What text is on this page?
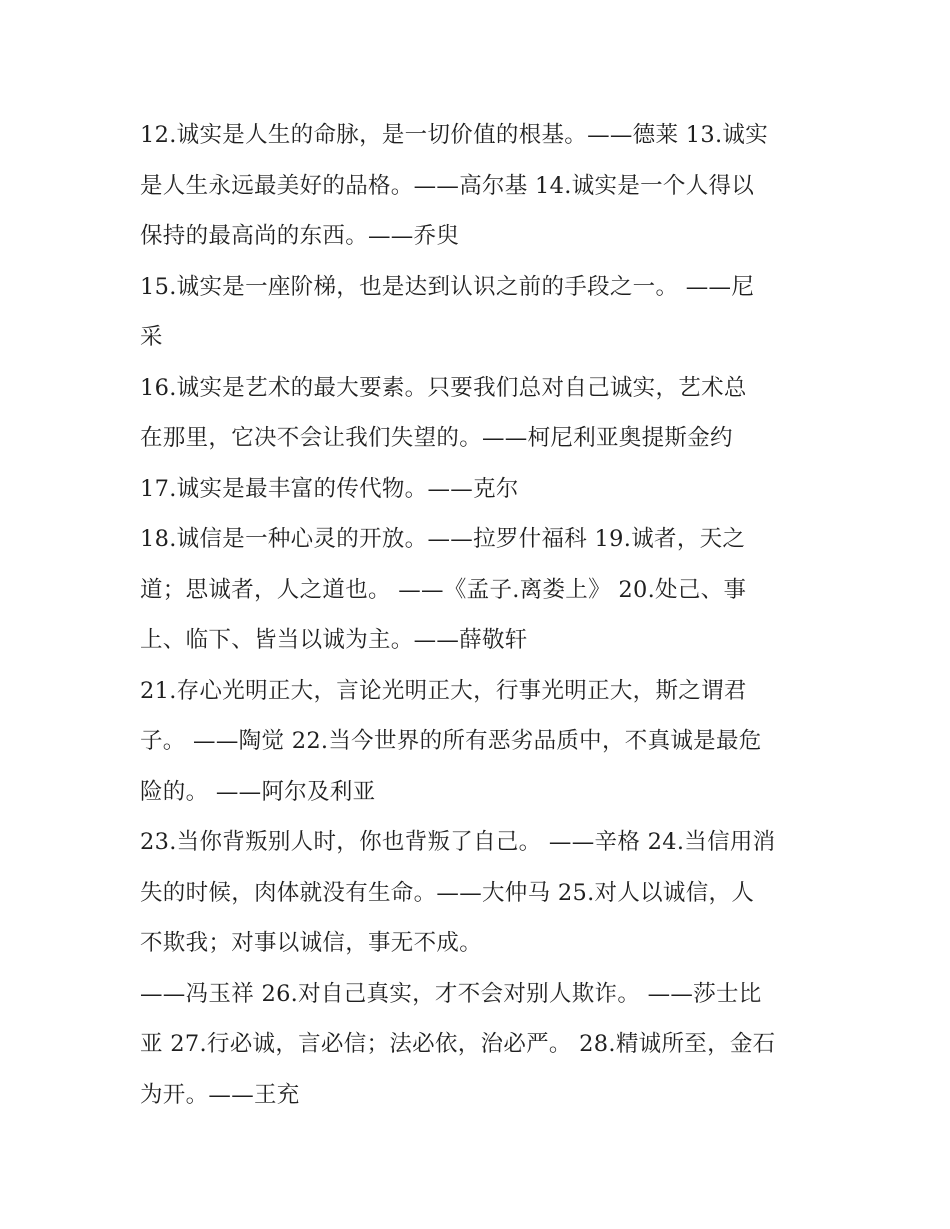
12.诚实是人生的命脉，是一切价值的根基。——德莱 13.诚实
是人生永远最美好的品格。——高尔基 14.诚实是一个人得以
保持的最高尚的东西。——乔臾
15.诚实是一座阶梯，也是达到认识之前的手段之一。 ——尼
采
16.诚实是艺术的最大要素。只要我们总对自己诚实，艺术总
在那里，它决不会让我们失望的。——柯尼利亚奥提斯金约
17.诚实是最丰富的传代物。——克尔
18.诚信是一种心灵的开放。——拉罗什福科 19.诚者，天之
道；思诚者，人之道也。 ——《孟子.离娄上》 20.处己、事
上、临下、皆当以诚为主。——薛敬轩
21.存心光明正大，言论光明正大，行事光明正大，斯之谓君
子。 ——陶觉 22.当今世界的所有恶劣品质中，不真诚是最危
险的。 ——阿尔及利亚
23.当你背叛别人时，你也背叛了自己。 ——辛格 24.当信用消
失的时候，肉体就没有生命。——大仲马 25.对人以诚信，人
不欺我；对事以诚信，事无不成。
——冯玉祥 26.对自己真实，才不会对别人欺诈。 ——莎士比
亚 27.行必诚，言必信；法必依，治必严。 28.精诚所至，金石
为开。——王充
